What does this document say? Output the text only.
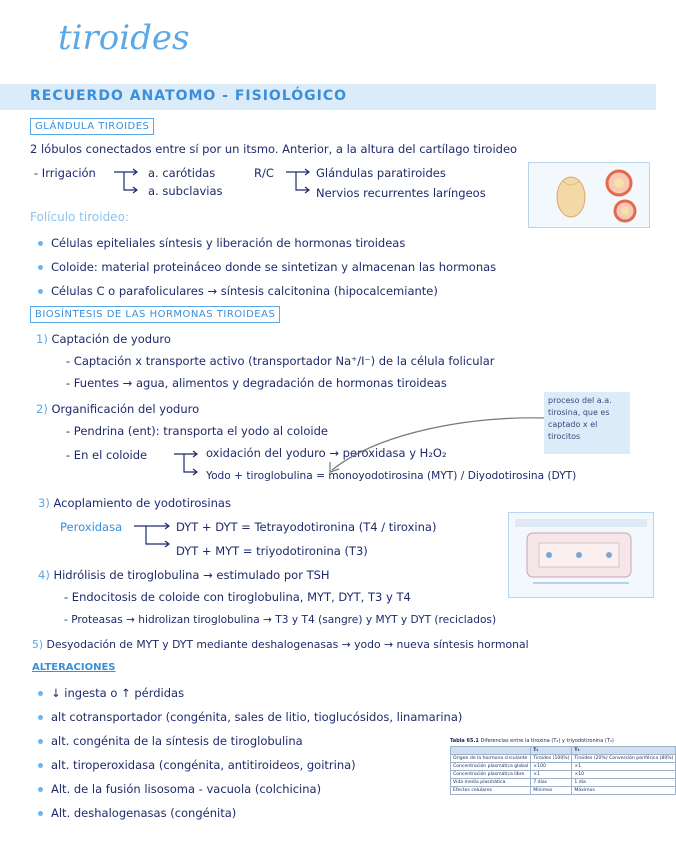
tiroides
RECUERDO ANATOMO - FISIOLÓGICO
GLÁNDULA TIROIDES
2 lóbulos conectados entre sí por un itsmo. Anterior, a la altura del cartílago tiroideo
- Irrigación	a. carótidas
a. subclavias
R/C	Glándulas paratiroides
Nervios recurrentes laríngeos
Folículo tiroideo:
Células epiteliales síntesis y liberación de hormonas tiroideas
Coloide: material proteináceo donde se sintetizan y almacenan las hormonas
Células C o parafoliculares → síntesis calcitonina (hipocalcemiante)
BIOSÍNTESIS DE LAS HORMONAS TIROIDEAS
1) Captación de yoduro
- Captación x transporte activo (transportador Na⁺/I⁻) de la célula folicular
- Fuentes → agua, alimentos y degradación de hormonas tiroideas
2) Organificación del yoduro
- Pendrina (ent): transporta el yodo al coloide
- En el coloide	oxidación del yoduro → peroxidasa y H₂O₂
Yodo + tiroglobulina = monoyodotirosina (MYT) / Diyodotirosina (DYT)
proceso del a.a. tirosina, que es captado x el tirocitos
3) Acoplamiento de yodotirosinas
Peroxidasa	DYT + DYT = Tetrayodotironina (T4 / tiroxina)
DYT + MYT = triyodotironina (T3)
4) Hidrólisis de tiroglobulina → estimulado por TSH
- Endocitosis de coloide con tiroglobulina, MYT, DYT, T3 y T4
- Proteasas → hidrolizan tiroglobulina → T3 y T4 (sangre) y MYT y DYT (reciclados)
5) Desyodación de MYT y DYT mediante deshalogenasas → yodo → nueva síntesis hormonal
ALTERACIONES
↓ ingesta o ↑ pérdidas
alt cotransportador (congénita, sales de litio, tioglucósidos, linamarina)
alt. congénita de la síntesis de tiroglobulina
alt. tiroperoxidasa (congénita, antitiroideos, goitrina)
Alt. de la fusión lisosoma - vacuola (colchicina)
Alt. deshalogenasas (congénita)
Tabla 65.1 Diferencias entre la tiroxina (T₄) y triyodotironina (T₃)
	T₄	T₃
Origen de la hormona circulante	Tiroides (100%)	Tiroides (20%) Conversión periférica (80%)
Concentración plasmática global	×100	×1
Concentración plasmática libre	×1	×10
Vida media plasmática	7 días	1 día
Efectos celulares	Mínimos	Máximos
